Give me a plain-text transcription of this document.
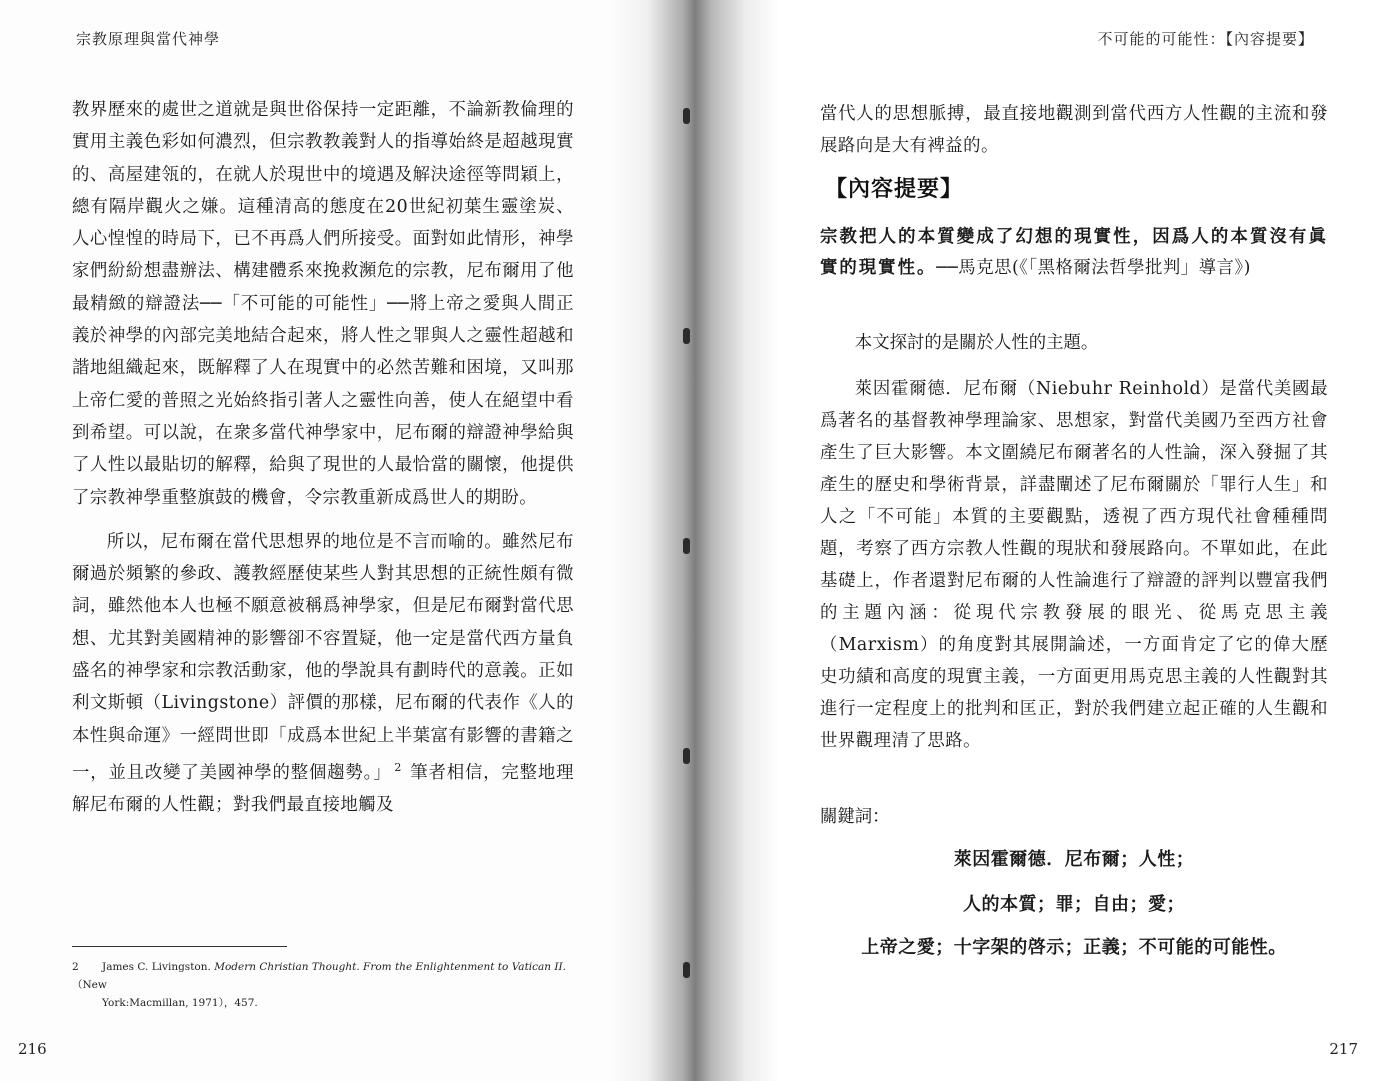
宗教原理與當代神學

教界歷來的處世之道就是與世俗保持一定距離，不論新教倫理的實用主義色彩如何濃烈，但宗教教義對人的指導始終是超越現實的、高屋建瓴的，在就人於現世中的境遇及解決途徑等問穎上，總有隔岸觀火之嫌。這種清高的態度在20世紀初葉生靈塗炭、人心惶惶的時局下，已不再爲人們所接受。面對如此情形，神學家們紛紛想盡辦法、構建體系來挽救瀕危的宗教，尼布爾用了他最精緻的辯證法──「不可能的可能性」──將上帝之愛與人間正義於神學的內部完美地結合起來，將人性之罪與人之靈性超越和諧地組織起來，既解釋了人在現實中的必然苦難和困境，又叫那上帝仁愛的普照之光始終指引著人之靈性向善，使人在絕望中看到希望。可以說，在衆多當代神學家中，尼布爾的辯證神學給與了人性以最貼切的解釋，給與了現世的人最恰當的關懷，他提供了宗教神學重整旗鼓的機會，令宗教重新成爲世人的期盼。

所以，尼布爾在當代思想界的地位是不言而喻的。雖然尼布爾過於頻繁的參政、護教經歷使某些人對其思想的正統性頗有微詞，雖然他本人也極不願意被稱爲神學家，但是尼布爾對當代思想、尤其對美國精神的影響卻不容置疑，他一定是當代西方量負盛名的神學家和宗教活動家，他的學說具有劃時代的意義。正如利文斯頓（Livingstone）評價的那樣，尼布爾的代表作《人的本性與命運》一經問世即「成爲本世紀上半葉富有影響的書籍之一，並且改變了美國神學的整個趨勢。」 $^2$ 筆者相信，完整地理解尼布爾的人性觀；對我們最直接地觸及

2 James C. Livingston. Modern Christian Thought. From the Enlightenment to Vatican II. （New
York:Macmillan, 1971），457.
216
不可能的可能性：【內容提要】
當代人的思想脈搏，最直接地觀測到當代西方人性觀的主流和發展路向是大有裨益的。
【內容提要】
宗教把人的本質變成了幻想的現實性，因爲人的本質沒有眞實的現實性。──馬克思(《「黑格爾法哲學批判」導言》)
本文探討的是關於人性的主題。
萊因霍爾德．尼布爾（Niebuhr Reinhold）是當代美國最爲著名的基督教神學理論家、思想家，對當代美國乃至西方社會產生了巨大影響。本文圍繞尼布爾著名的人性論，深入發掘了其產生的歷史和學術背景，詳盡闡述了尼布爾關於「罪行人生」和人之「不可能」本質的主要觀點，透視了西方現代社會種種問題，考察了西方宗教人性觀的現狀和發展路向。不單如此，在此基礎上，作者還對尼布爾的人性論進行了辯證的評判以豐富我們的主題內涵：從現代宗教發展的眼光、從馬克思主義（Marxism）的角度對其展開論述，一方面肯定了它的偉大歷史功績和高度的現實主義，一方面更用馬克思主義的人性觀對其進行一定程度上的批判和匡正，對於我們建立起正確的人生觀和世界觀理清了思路。
關鍵詞：
萊因霍爾德．尼布爾；人性；
人的本質；罪；自由；愛；
上帝之愛；十字架的啓示；正義；不可能的可能性。
217
